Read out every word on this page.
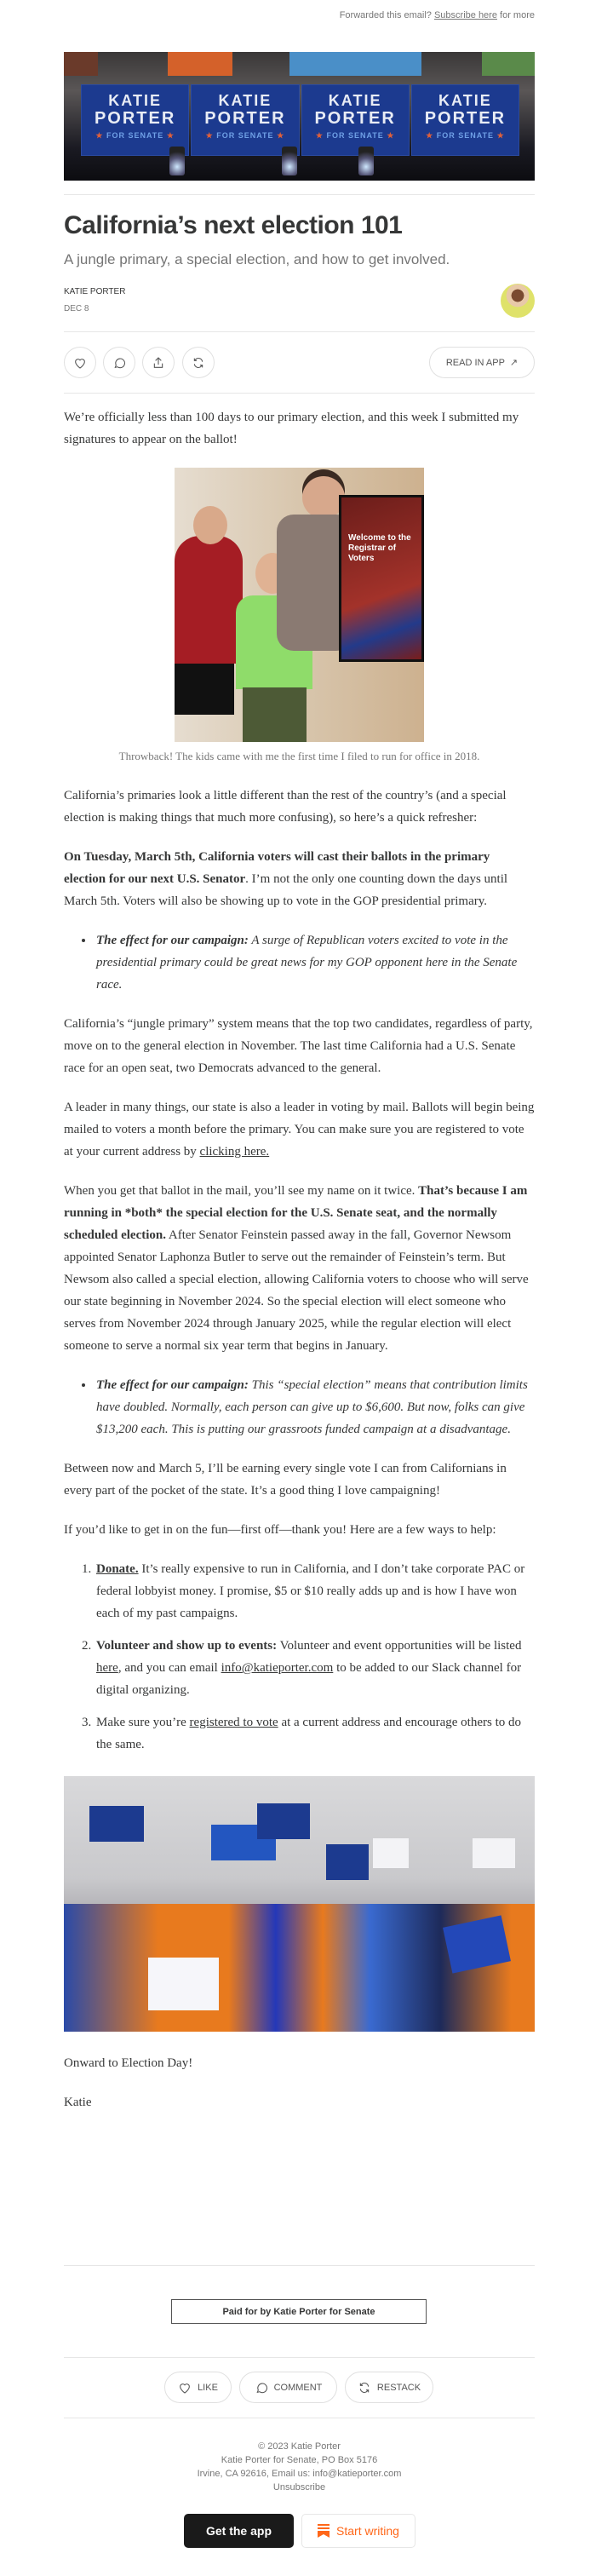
Forwarded this email? Subscribe here for more
KATIE
PORTER
★ FOR SENATE ★
KATIE
PORTER
★ FOR SENATE ★
KATIE
PORTER
★ FOR SENATE ★
KATIE
PORTER
★ FOR SENATE ★
California’s next election 101
A jungle primary, a special election, and how to get involved.
KATIE PORTER
DEC 8
READ IN APP ↗

We’re officially less than 100 days to our primary election, and this week I submitted my signatures to appear on the ballot!

Welcome to the Registrar of Voters
Throwback! The kids came with me the first time I filed to run for office in 2018.

California’s primaries look a little different than the rest of the country’s (and a special election is making things that much more confusing), so here’s a quick refresher:

On Tuesday, March 5th, California voters will cast their ballots in the primary election for our next U.S. Senator. I’m not the only one counting down the days until March 5th. Voters will also be showing up to vote in the GOP presidential primary.

• The effect for our campaign: A surge of Republican voters excited to vote in the presidential primary could be great news for my GOP opponent here in the Senate race.

California’s “jungle primary” system means that the top two candidates, regardless of party, move on to the general election in November. The last time California had a U.S. Senate race for an open seat, two Democrats advanced to the general.

A leader in many things, our state is also a leader in voting by mail. Ballots will begin being mailed to voters a month before the primary. You can make sure you are registered to vote at your current address by clicking here.

When you get that ballot in the mail, you’ll see my name on it twice. That’s because I am running in *both* the special election for the U.S. Senate seat, and the normally scheduled election. After Senator Feinstein passed away in the fall, Governor Newsom appointed Senator Laphonza Butler to serve out the remainder of Feinstein’s term. But Newsom also called a special election, allowing California voters to choose who will serve our state beginning in November 2024. So the special election will elect someone who serves from November 2024 through January 2025, while the regular election will elect someone to serve a normal six year term that begins in January.

• The effect for our campaign: This “special election” means that contribution limits have doubled. Normally, each person can give up to $6,600. But now, folks can give $13,200 each. This is putting our grassroots funded campaign at a disadvantage.

Between now and March 5, I’ll be earning every single vote I can from Californians in every part of the pocket of the state. It’s a good thing I love campaigning!

If you’d like to get in on the fun—first off—thank you! Here are a few ways to help:

1. Donate. It’s really expensive to run in California, and I don’t take corporate PAC or federal lobbyist money. I promise, $5 or $10 really adds up and is how I have won each of my past campaigns.
2. Volunteer and show up to events: Volunteer and event opportunities will be listed here, and you can email info@katieporter.com to be added to our Slack channel for digital organizing.
3. Make sure you’re registered to vote at a current address and encourage others to do the same.

Onward to Election Day!

Katie

Paid for by Katie Porter for Senate
LIKE	COMMENT	RESTACK
© 2023 Katie Porter
Katie Porter for Senate, PO Box 5176
Irvine, CA 92616, Email us: info@katieporter.com
Unsubscribe
Get the app	Start writing
